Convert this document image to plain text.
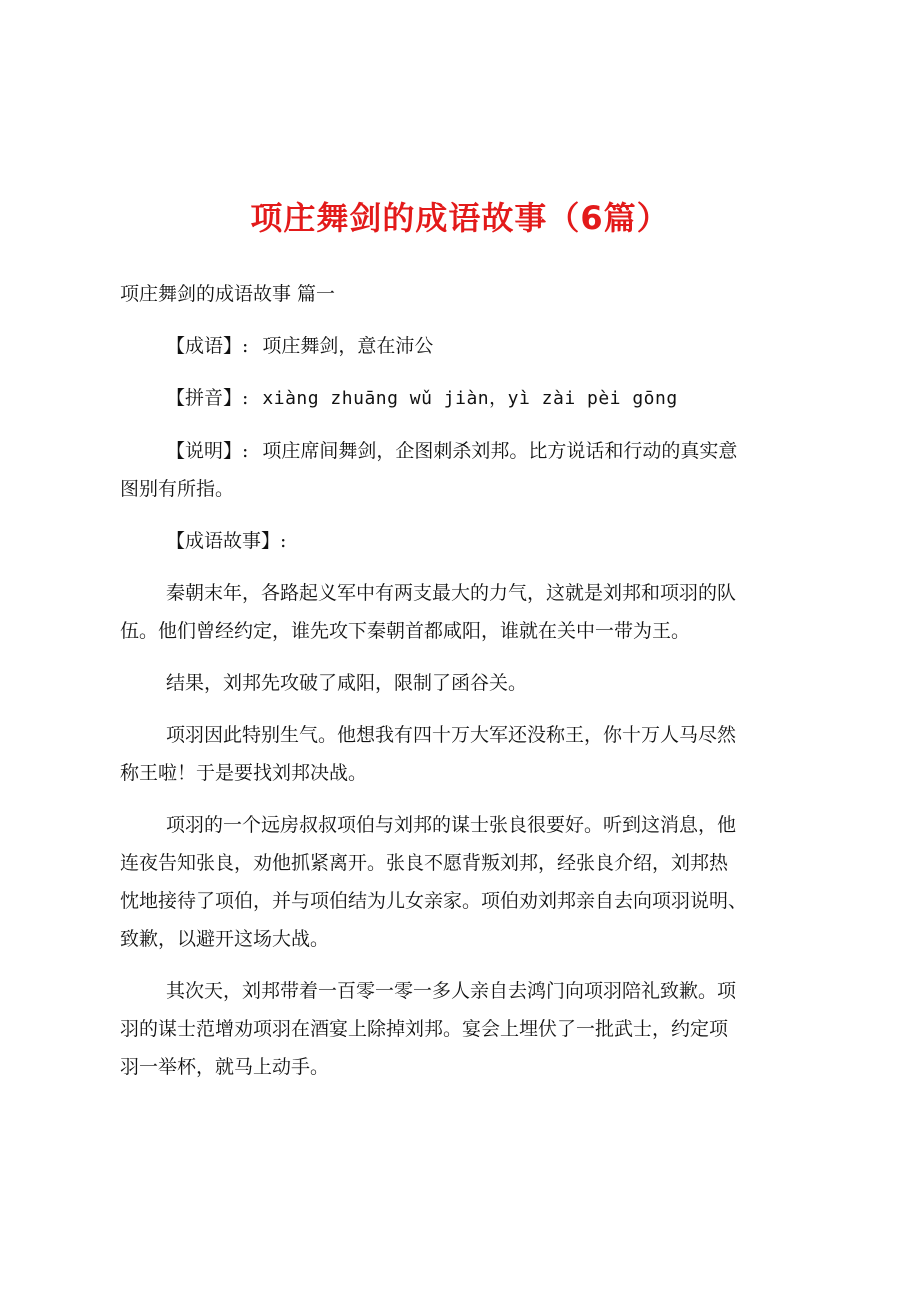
项庄舞剑的成语故事（6篇）
项庄舞剑的成语故事 篇一

【成语】: 项庄舞剑，意在沛公

【拼音】: xiàng zhuāng wǔ jiàn，yì zài pèi gōng

【说明】: 项庄席间舞剑，企图刺杀刘邦。比方说话和行动的真实意

图别有所指。

【成语故事】:

秦朝末年，各路起义军中有两支最大的力气，这就是刘邦和项羽的队

伍。他们曾经约定，谁先攻下秦朝首都咸阳，谁就在关中一带为王。

结果，刘邦先攻破了咸阳，限制了函谷关。

项羽因此特别生气。他想我有四十万大军还没称王，你十万人马尽然

称王啦！于是要找刘邦决战。

项羽的一个远房叔叔项伯与刘邦的谋士张良很要好。听到这消息，他

连夜告知张良，劝他抓紧离开。张良不愿背叛刘邦，经张良介绍，刘邦热

忱地接待了项伯，并与项伯结为儿女亲家。项伯劝刘邦亲自去向项羽说明、

致歉，以避开这场大战。

其次天，刘邦带着一百零一零一多人亲自去鸿门向项羽陪礼致歉。项

羽的谋士范增劝项羽在酒宴上除掉刘邦。宴会上埋伏了一批武士，约定项

羽一举杯，就马上动手。
